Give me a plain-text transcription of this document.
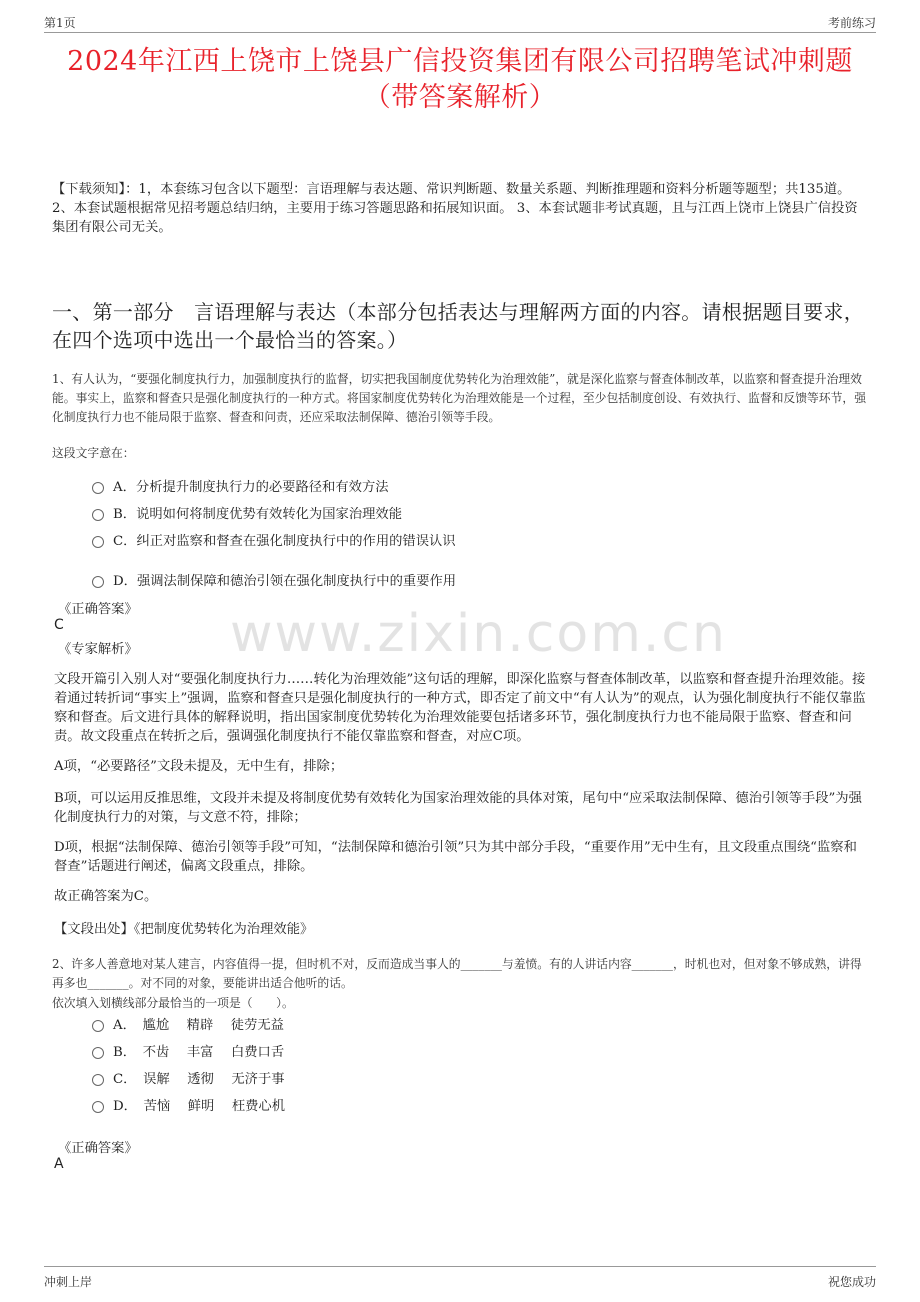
第1页	考前练习
2024年江西上饶市上饶县广信投资集团有限公司招聘笔试冲刺题（带答案解析）
【下载须知】：1，本套练习包含以下题型：言语理解与表达题、常识判断题、数量关系题、判断推理题和资料分析题等题型；共135道。 2、本套试题根据常见招考题总结归纳，主要用于练习答题思路和拓展知识面。 3、本套试题非考试真题，且与江西上饶市上饶县广信投资集团有限公司无关。
一、第一部分　言语理解与表达（本部分包括表达与理解两方面的内容。请根据题目要求，在四个选项中选出一个最恰当的答案。）
1、有人认为，“要强化制度执行力，加强制度执行的监督，切实把我国制度优势转化为治理效能”，就是深化监察与督查体制改革，以监察和督查提升治理效能。事实上，监察和督查只是强化制度执行的一种方式。将国家制度优势转化为治理效能是一个过程，至少包括制度创设、有效执行、监督和反馈等环节，强化制度执行力也不能局限于监察、督查和问责，还应采取法制保障、德治引领等手段。
这段文字意在：
A．分析提升制度执行力的必要路径和有效方法
B．说明如何将制度优势有效转化为国家治理效能
C．纠正对监察和督查在强化制度执行中的作用的错误认识
D．强调法制保障和德治引领在强化制度执行中的重要作用
《正确答案》
C
《专家解析》 www.zixin.com.cn
文段开篇引入别人对“要强化制度执行力……转化为治理效能”这句话的理解，即深化监察与督查体制改革，以监察和督查提升治理效能。接着通过转折词“事实上”强调，监察和督查只是强化制度执行的一种方式，即否定了前文中“有人认为”的观点，认为强化制度执行不能仅靠监察和督查。后文进行具体的解释说明，指出国家制度优势转化为治理效能要包括诸多环节，强化制度执行力也不能局限于监察、督查和问责。故文段重点在转折之后，强调强化制度执行不能仅靠监察和督查，对应C项。
A项，“必要路径”文段未提及，无中生有，排除；
B项，可以运用反推思维，文段并未提及将制度优势有效转化为国家治理效能的具体对策，尾句中“应采取法制保障、德治引领等手段”为强化制度执行力的对策，与文意不符，排除；
D项，根据“法制保障、德治引领等手段”可知，“法制保障和德治引领”只为其中部分手段，“重要作用”无中生有，且文段重点围绕“监察和督查”话题进行阐述，偏离文段重点，排除。
故正确答案为C。
【文段出处】《把制度优势转化为治理效能》
2、许多人善意地对某人建言，内容值得一提，但时机不对，反而造成当事人的_______与羞愤。有的人讲话内容_______，时机也对，但对象不够成熟，讲得再多也_______。对不同的对象，要能讲出适合他听的话。
依次填入划横线部分最恰当的一项是（　　）。
A．　尴尬　 精辟　 徒劳无益
B．　不齿　 丰富　 白费口舌
C．　误解　 透彻　 无济于事
D．　苦恼　 鲜明　 枉费心机
《正确答案》
A
冲刺上岸	祝您成功
